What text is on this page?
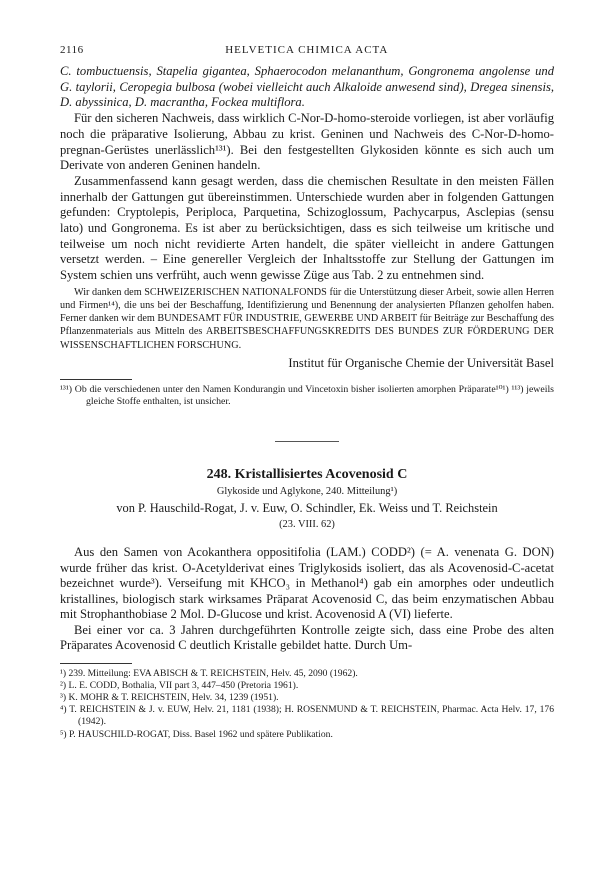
2116	HELVETICA CHIMICA ACTA

C. tombuctuensis, Stapelia gigantea, Sphaerocodon melananthum, Gongronema angolense und G. taylorii, Ceropegia bulbosa (wobei vielleicht auch Alkaloide anwesend sind), Dregea sinensis, D. abyssinica, D. macrantha, Fockea multiflora.

Für den sicheren Nachweis, dass wirklich C-Nor-D-homo-steroide vorliegen, ist aber vorläufig noch die präparative Isolierung, Abbau zu krist. Geninen und Nachweis des C-Nor-D-homo-pregnan-Gerüstes unerlässlich¹³¹). Bei den festgestellten Glykosiden könnte es sich auch um Derivate von anderen Geninen handeln.

Zusammenfassend kann gesagt werden, dass die chemischen Resultate in den meisten Fällen innerhalb der Gattungen gut übereinstimmen. Unterschiede wurden aber in folgenden Gattungen gefunden: Cryptolepis, Periploca, Parquetina, Schizoglossum, Pachycarpus, Asclepias (sensu lato) und Gongronema. Es ist aber zu berücksichtigen, dass es sich teilweise um kritische und teilweise um noch nicht revidierte Arten handelt, die später vielleicht in andere Gattungen versetzt werden. – Eine genereller Vergleich der Inhaltsstoffe zur Stellung der Gattungen im System schien uns verfrüht, auch wenn gewisse Züge aus Tab. 2 zu entnehmen sind.

Wir danken dem SCHWEIZERISCHEN NATIONALFONDS für die Unterstützung dieser Arbeit, sowie allen Herren und Firmen¹⁴), die uns bei der Beschaffung, Identifizierung und Benennung der analysierten Pflanzen geholfen haben. Ferner danken wir dem BUNDESAMT FÜR INDUSTRIE, GEWERBE UND ARBEIT für Beiträge zur Beschaffung des Pflanzenmaterials aus Mitteln des ARBEITSBESCHAFFUNGSKREDITS DES BUNDES ZUR FÖRDERUNG DER WISSENSCHAFTLICHEN FORSCHUNG.

Institut für Organische Chemie der Universität Basel

¹³¹) Ob die verschiedenen unter den Namen Kondurangin und Vincetoxin bisher isolierten amorphen Präparate¹⁰¹) ¹¹³) jeweils gleiche Stoffe enthalten, ist unsicher.

248. Kristallisiertes Acovenosid C
Glykoside und Aglykone, 240. Mitteilung¹)
von P. Hauschild-Rogat, J. v. Euw, O. Schindler, Ek. Weiss und T. Reichstein
(23. VIII. 62)

Aus den Samen von Acokanthera oppositifolia (LAM.) CODD²) (= A. venenata G. DON) wurde früher das krist. O-Acetylderivat eines Triglykosids isoliert, das als Acovenosid-C-acetat bezeichnet wurde³). Verseifung mit KHCO₃ in Methanol⁴) gab ein amorphes oder undeutlich kristallines, biologisch stark wirksames Präparat Acovenosid C, das beim enzymatischen Abbau mit Strophanthobiase 2 Mol. D-Glucose und krist. Acovenosid A (VI) lieferte.

Bei einer vor ca. 3 Jahren durchgeführten Kontrolle zeigte sich, dass eine Probe des alten Präparates Acovenosid C deutlich Kristalle gebildet hatte. Durch Um-

¹) 239. Mitteilung: EVA ABISCH & T. REICHSTEIN, Helv. 45, 2090 (1962).

²) L. E. CODD, Bothalia, VII part 3, 447–450 (Pretoria 1961).

³) K. MOHR & T. REICHSTEIN, Helv. 34, 1239 (1951).

⁴) T. REICHSTEIN & J. v. EUW, Helv. 21, 1181 (1938); H. ROSENMUND & T. REICHSTEIN, Pharmac. Acta Helv. 17, 176 (1942).

⁵) P. HAUSCHILD-ROGAT, Diss. Basel 1962 und spätere Publikation.
